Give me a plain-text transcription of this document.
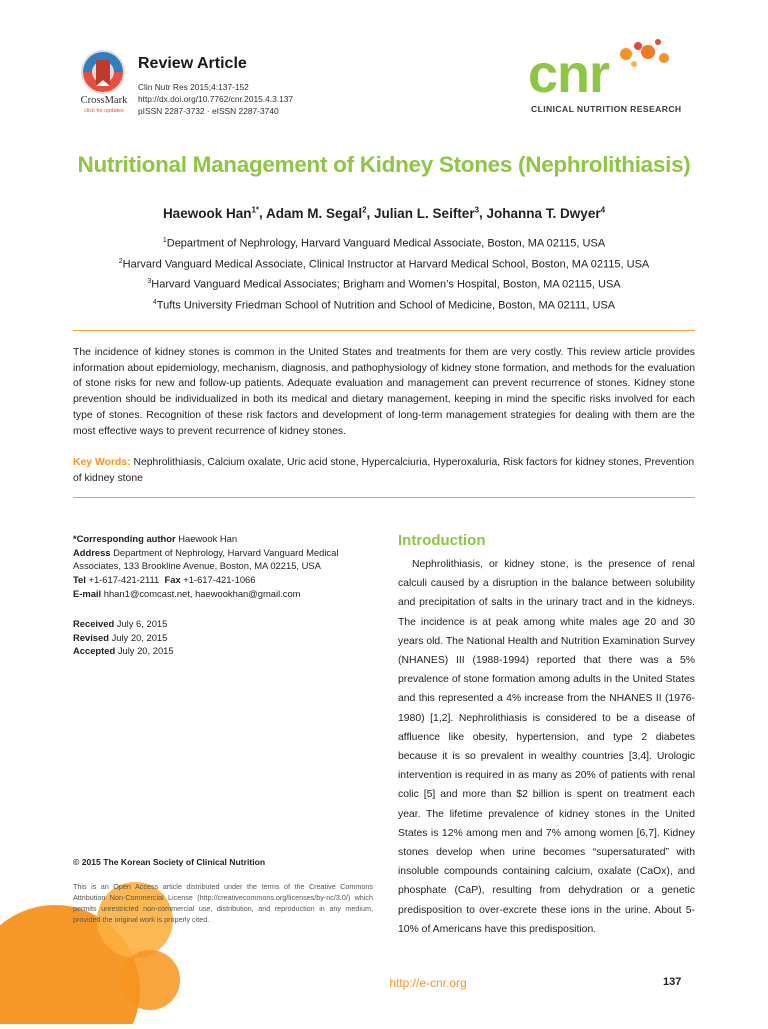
CrossMark
click for updates
Review Article
Clin Nutr Res 2015;4:137-152
http://dx.doi.org/10.7762/cnr.2015.4.3.137
pISSN 2287-3732 · eISSN 2287-3740
cnr
CLINICAL NUTRITION RESEARCH
Nutritional Management of Kidney Stones (Nephrolithiasis)
Haewook Han$^{1*}$, Adam M. Segal$^2$, Julian L. Seifter$^3$, Johanna T. Dwyer$^4$
$^1$Department of Nephrology, Harvard Vanguard Medical Associate, Boston, MA 02115, USA
$^2$Harvard Vanguard Medical Associate, Clinical Instructor at Harvard Medical School, Boston, MA 02115, USA
$^3$Harvard Vanguard Medical Associates; Brigham and Women’s Hospital, Boston, MA 02115, USA
$^4$Tufts University Friedman School of Nutrition and School of Medicine, Boston, MA 02111, USA
The incidence of kidney stones is common in the United States and treatments for them are very costly. This review article provides information about epidemiology, mechanism, diagnosis, and pathophysiology of kidney stone formation, and methods for the evaluation of stone risks for new and follow-up patients. Adequate evaluation and management can prevent recurrence of stones. Kidney stone prevention should be individualized in both its medical and dietary management, keeping in mind the specific risks involved for each type of stones. Recognition of these risk factors and development of long-term management strategies for dealing with them are the most effective ways to prevent recurrence of kidney stones.
Key Words: Nephrolithiasis, Calcium oxalate, Uric acid stone, Hypercalciuria, Hyperoxaluria, Risk factors for kidney stones, Prevention of kidney stone
*Corresponding author Haewook Han
Address Department of Nephrology, Harvard Vanguard Medical Associates, 133 Brookline Avenue, Boston, MA 02215, USA
Tel +1-617-421-2111 Fax +1-617-421-1066
E-mail hhan1@comcast.net, haewookhan@gmail.com
Received July 6, 2015
Revised July 20, 2015
Accepted July 20, 2015
© 2015 The Korean Society of Clinical Nutrition
This is an Open Access article distributed under the terms of the Creative Commons Attribution Non-Commercial License (http://creativecommons.org/licenses/by-nc/3.0/) which permits unrestricted non-commercial use, distribution, and reproduction in any medium, provided the original work is properly cited.
Introduction
Nephrolithiasis, or kidney stone, is the presence of renal calculi caused by a disruption in the balance between solubility and precipitation of salts in the urinary tract and in the kidneys. The incidence is at peak among white males age 20 and 30 years old. The National Health and Nutrition Examination Survey (NHANES) III (1988-1994) reported that there was a 5% prevalence of stone formation among adults in the United States and this represented a 4% increase from the NHANES II (1976-1980) [1,2]. Nephrolithiasis is considered to be a disease of affluence like obesity, hypertension, and type 2 diabetes because it is so prevalent in wealthy countries [3,4]. Urologic intervention is required in as many as 20% of patients with renal colic [5] and more than $2 billion is spent on treatment each year. The lifetime prevalence of kidney stones in the United States is 12% among men and 7% among women [6,7]. Kidney stones develop when urine becomes “supersaturated” with insoluble compounds containing calcium, oxalate (CaOx), and phosphate (CaP), resulting from dehydration or a genetic predisposition to over-excrete these ions in the urine. About 5-10% of Americans have this predisposition.
http://e-cnr.org	137
